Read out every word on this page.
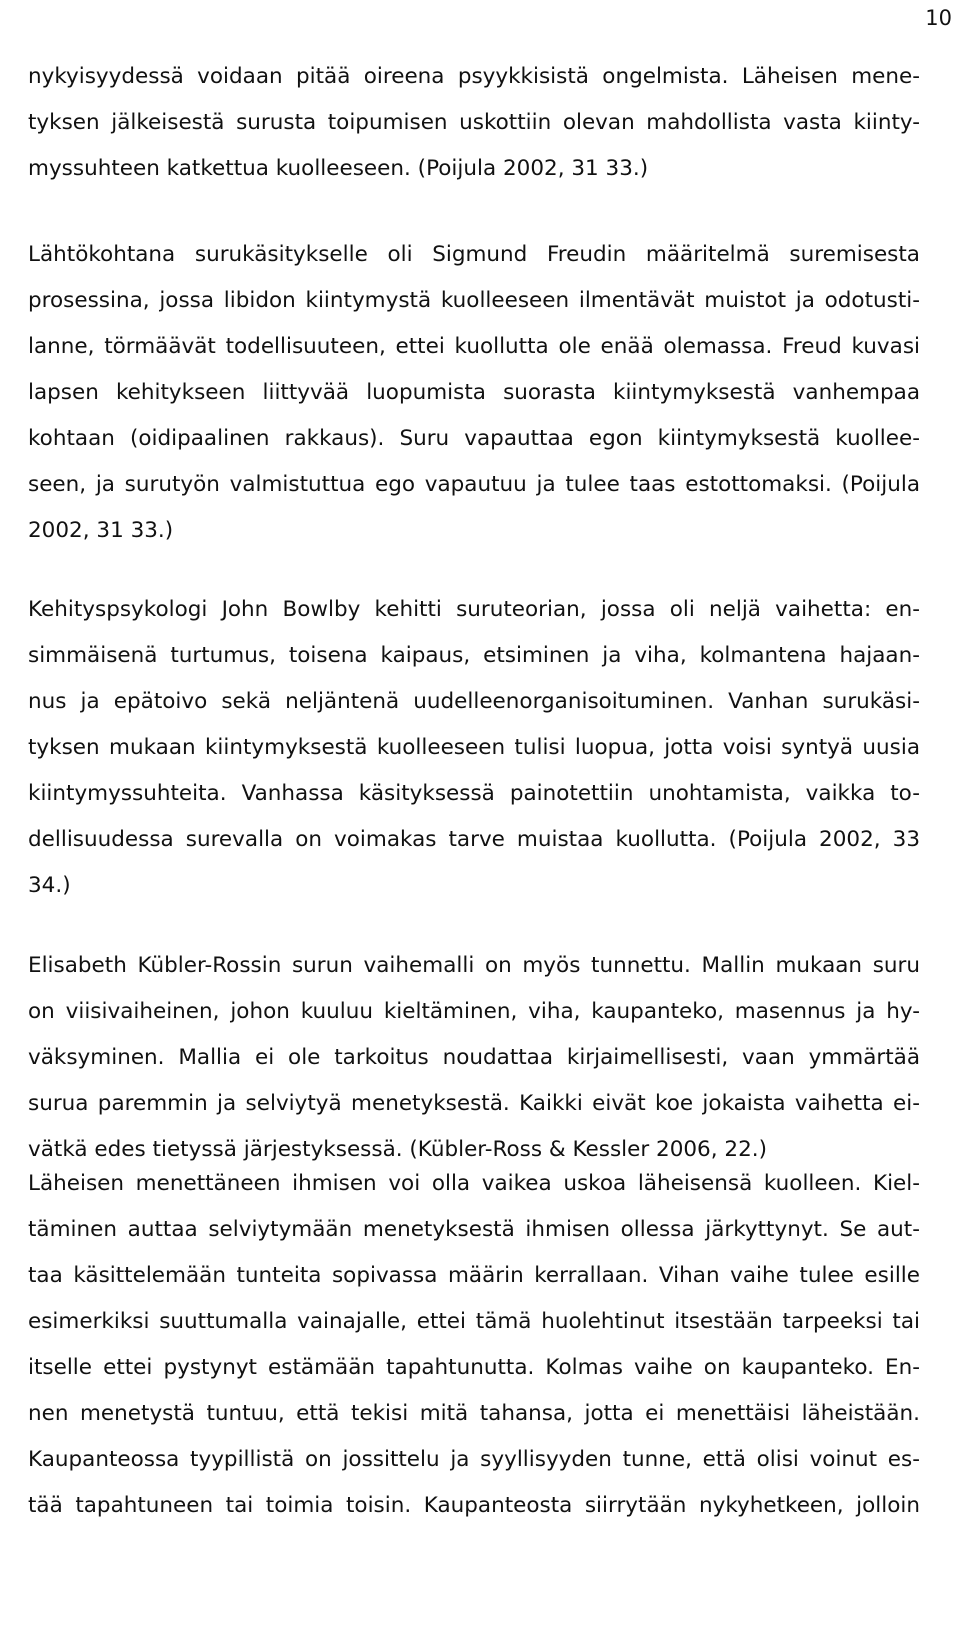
10
nykyisyydessä voidaan pitää oireena psyykkisistä ongelmista. Läheisen mene-
tyksen jälkeisestä surusta toipumisen uskottiin olevan mahdollista vasta kiinty-
myssuhteen katkettua kuolleeseen. (Poijula 2002, 31 33.)
Lähtökohtana surukäsitykselle oli Sigmund Freudin määritelmä suremisesta
prosessina, jossa libidon kiintymystä kuolleeseen ilmentävät muistot ja odotusti-
lanne, törmäävät todellisuuteen, ettei kuollutta ole enää olemassa. Freud kuvasi
lapsen kehitykseen liittyvää luopumista suorasta kiintymyksestä vanhempaa
kohtaan (oidipaalinen rakkaus). Suru vapauttaa egon kiintymyksestä kuollee-
seen, ja surutyön valmistuttua ego vapautuu ja tulee taas estottomaksi. (Poijula
2002, 31 33.)
Kehityspsykologi John Bowlby kehitti suruteorian, jossa oli neljä vaihetta: en-
simmäisenä turtumus, toisena kaipaus, etsiminen ja viha, kolmantena hajaan-
nus ja epätoivo sekä neljäntenä uudelleenorganisoituminen. Vanhan surukäsi-
tyksen mukaan kiintymyksestä kuolleeseen tulisi luopua, jotta voisi syntyä uusia
kiintymyssuhteita. Vanhassa käsityksessä painotettiin unohtamista, vaikka to-
dellisuudessa surevalla on voimakas tarve muistaa kuollutta. (Poijula 2002, 33
34.)
Elisabeth Kübler-Rossin surun vaihemalli on myös tunnettu. Mallin mukaan suru
on viisivaiheinen, johon kuuluu kieltäminen, viha, kaupanteko, masennus ja hy-
väksyminen. Mallia ei ole tarkoitus noudattaa kirjaimellisesti, vaan ymmärtää
surua paremmin ja selviytyä menetyksestä. Kaikki eivät koe jokaista vaihetta ei-
vätkä edes tietyssä järjestyksessä. (Kübler-Ross & Kessler 2006, 22.)
Läheisen menettäneen ihmisen voi olla vaikea uskoa läheisensä kuolleen. Kiel-
täminen auttaa selviytymään menetyksestä ihmisen ollessa järkyttynyt. Se aut-
taa käsittelemään tunteita sopivassa määrin kerrallaan. Vihan vaihe tulee esille
esimerkiksi suuttumalla vainajalle, ettei tämä huolehtinut itsestään tarpeeksi tai
itselle ettei pystynyt estämään tapahtunutta. Kolmas vaihe on kaupanteko. En-
nen menetystä tuntuu, että tekisi mitä tahansa, jotta ei menettäisi läheistään.
Kaupanteossa tyypillistä on jossittelu ja syyllisyyden tunne, että olisi voinut es-
tää tapahtuneen tai toimia toisin. Kaupanteosta siirrytään nykyhetkeen, jolloin
